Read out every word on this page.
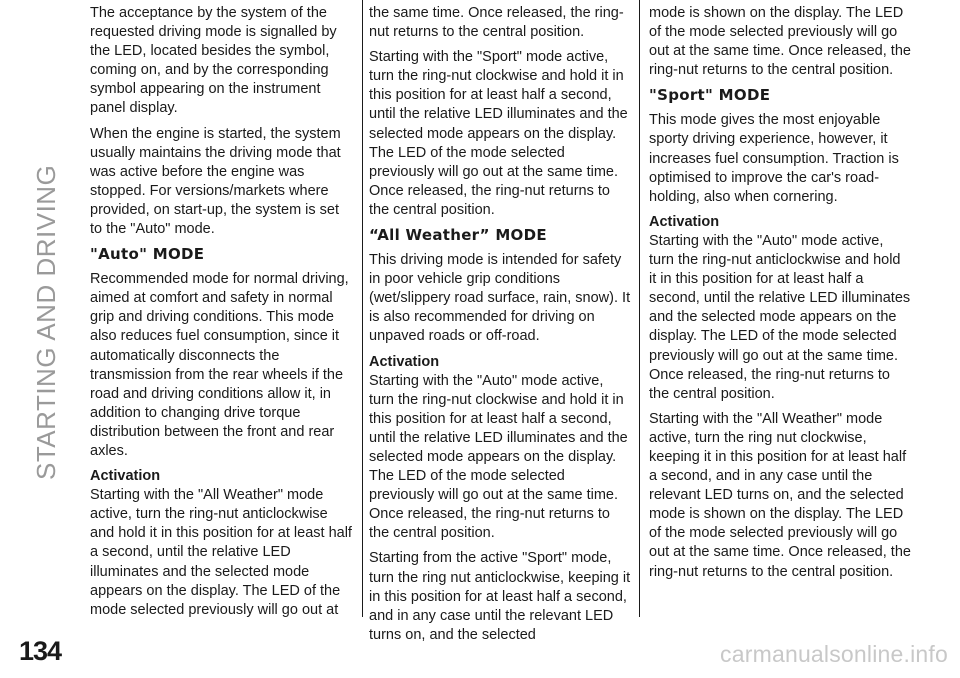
STARTING AND DRIVING

The acceptance by the system of the requested driving mode is signalled by the LED, located besides the symbol, coming on, and by the corresponding symbol appearing on the instrument panel display.

When the engine is started, the system usually maintains the driving mode that was active before the engine was stopped. For versions/markets where provided, on start-up, the system is set to the "Auto" mode.

"Auto" MODE

Recommended mode for normal driving, aimed at comfort and safety in normal grip and driving conditions. This mode also reduces fuel consumption, since it automatically disconnects the transmission from the rear wheels if the road and driving conditions allow it, in addition to changing drive torque distribution between the front and rear axles.

Activation

Starting with the "All Weather" mode active, turn the ring-nut anticlockwise and hold it in this position for at least half a second, until the relative LED illuminates and the selected mode appears on the display. The LED of the mode selected previously will go out at

the same time. Once released, the ring-nut returns to the central position.

Starting with the "Sport" mode active, turn the ring-nut clockwise and hold it in this position for at least half a second, until the relative LED illuminates and the selected mode appears on the display. The LED of the mode selected previously will go out at the same time. Once released, the ring-nut returns to the central position.

“All Weather” MODE

This driving mode is intended for safety in poor vehicle grip conditions (wet/slippery road surface, rain, snow). It is also recommended for driving on unpaved roads or off-road.

Activation

Starting with the "Auto" mode active, turn the ring-nut clockwise and hold it in this position for at least half a second, until the relative LED illuminates and the selected mode appears on the display. The LED of the mode selected previously will go out at the same time. Once released, the ring-nut returns to the central position.

Starting from the active "Sport" mode, turn the ring nut anticlockwise, keeping it in this position for at least half a second, and in any case until the relevant LED turns on, and the selected

mode is shown on the display. The LED of the mode selected previously will go out at the same time. Once released, the ring-nut returns to the central position.

"Sport" MODE

This mode gives the most enjoyable sporty driving experience, however, it increases fuel consumption. Traction is optimised to improve the car's road-holding, also when cornering.

Activation

Starting with the "Auto" mode active, turn the ring-nut anticlockwise and hold it in this position for at least half a second, until the relative LED illuminates and the selected mode appears on the display. The LED of the mode selected previously will go out at the same time. Once released, the ring-nut returns to the central position.

Starting with the "All Weather" mode active, turn the ring nut clockwise, keeping it in this position for at least half a second, and in any case until the relevant LED turns on, and the selected mode is shown on the display. The LED of the mode selected previously will go out at the same time. Once released, the ring-nut returns to the central position.

134	carmanualsonline.info
